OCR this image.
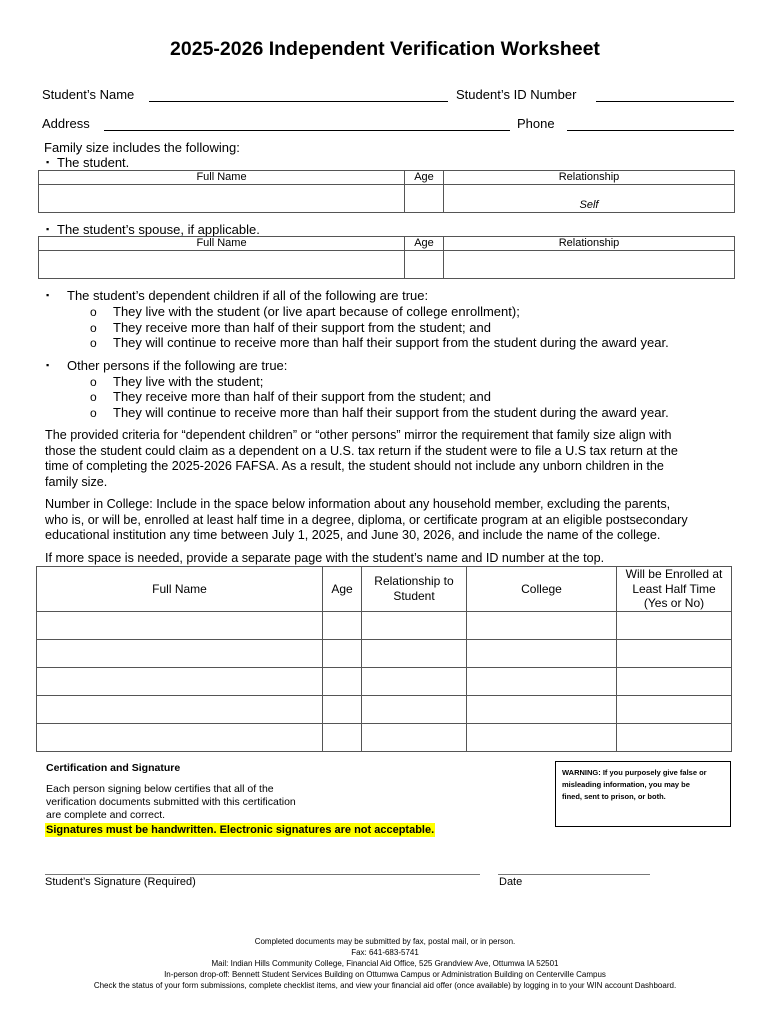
2025-2026 Independent Verification Worksheet
Student’s Name	Student’s ID Number
Address	Phone
Family size includes the following:
▪ The student.
Full Name	Age	Relationship
		Self
▪ The student’s spouse, if applicable.
Full Name	Age	Relationship

▪ The student’s dependent children if all of the following are true:
o They live with the student (or live apart because of college enrollment);
o They receive more than half of their support from the student; and
o They will continue to receive more than half their support from the student during the award year.
▪ Other persons if the following are true:
o They live with the student;
o They receive more than half of their support from the student; and
o They will continue to receive more than half their support from the student during the award year.
The provided criteria for “dependent children” or “other persons” mirror the requirement that family size align with
those the student could claim as a dependent on a U.S. tax return if the student were to file a U.S tax return at the
time of completing the 2025-2026 FAFSA. As a result, the student should not include any unborn children in the
family size.
Number in College: Include in the space below information about any household member, excluding the parents,
who is, or will be, enrolled at least half time in a degree, diploma, or certificate program at an eligible postsecondary
educational institution any time between July 1, 2025, and June 30, 2026, and include the name of the college.
If more space is needed, provide a separate page with the student’s name and ID number at the top.
Full Name	Age	Relationship to Student	College	Will be Enrolled at Least Half Time (Yes or No)

Certification and Signature
Each person signing below certifies that all of the
verification documents submitted with this certification
are complete and correct.
Signatures must be handwritten. Electronic signatures are not acceptable.
WARNING: If you purposely give false or
misleading information, you may be
fined, sent to prison, or both.
Student’s Signature (Required)	Date
Completed documents may be submitted by fax, postal mail, or in person.
Fax: 641-683-5741
Mail: Indian Hills Community College, Financial Aid Office, 525 Grandview Ave, Ottumwa IA 52501
In-person drop-off: Bennett Student Services Building on Ottumwa Campus or Administration Building on Centerville Campus
Check the status of your form submissions, complete checklist items, and view your financial aid offer (once available) by logging in to your WIN account Dashboard.
